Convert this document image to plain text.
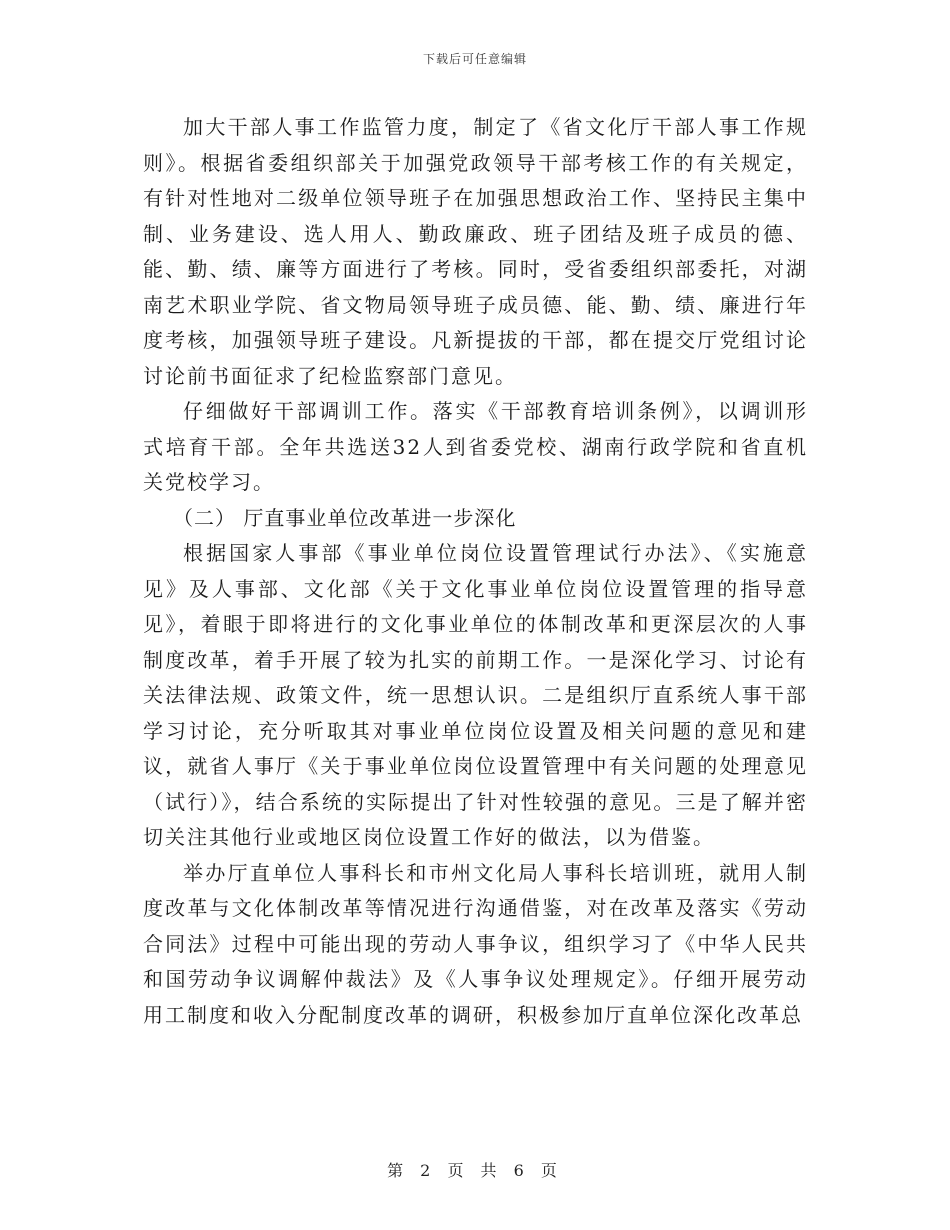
下载后可任意编辑

加大干部人事工作监管力度，制定了《省文化厅干部人事工作规则》。根据省委组织部关于加强党政领导干部考核工作的有关规定，有针对性地对二级单位领导班子在加强思想政治工作、坚持民主集中制、业务建设、选人用人、勤政廉政、班子团结及班子成员的德、能、勤、绩、廉等方面进行了考核。同时，受省委组织部委托，对湖南艺术职业学院、省文物局领导班子成员德、能、勤、绩、廉进行年度考核，加强领导班子建设。凡新提拔的干部，都在提交厅党组讨论讨论前书面征求了纪检监察部门意见。

仔细做好干部调训工作。落实《干部教育培训条例》，以调训形式培育干部。全年共选送32人到省委党校、湖南行政学院和省直机关党校学习。

（二） 厅直事业单位改革进一步深化

根据国家人事部《事业单位岗位设置管理试行办法》、《实施意见》及人事部、文化部《关于文化事业单位岗位设置管理的指导意见》，着眼于即将进行的文化事业单位的体制改革和更深层次的人事制度改革，着手开展了较为扎实的前期工作。一是深化学习、讨论有关法律法规、政策文件，统一思想认识。二是组织厅直系统人事干部学习讨论，充分听取其对事业单位岗位设置及相关问题的意见和建议，就省人事厅《关于事业单位岗位设置管理中有关问题的处理意见（试行）》，结合系统的实际提出了针对性较强的意见。三是了解并密切关注其他行业或地区岗位设置工作好的做法，以为借鉴。

举办厅直单位人事科长和市州文化局人事科长培训班，就用人制度改革与文化体制改革等情况进行沟通借鉴，对在改革及落实《劳动合同法》过程中可能出现的劳动人事争议，组织学习了《中华人民共和国劳动争议调解仲裁法》及《人事争议处理规定》。仔细开展劳动用工制度和收入分配制度改革的调研，积极参加厅直单位深化改革总

第 2 页 共 6 页
